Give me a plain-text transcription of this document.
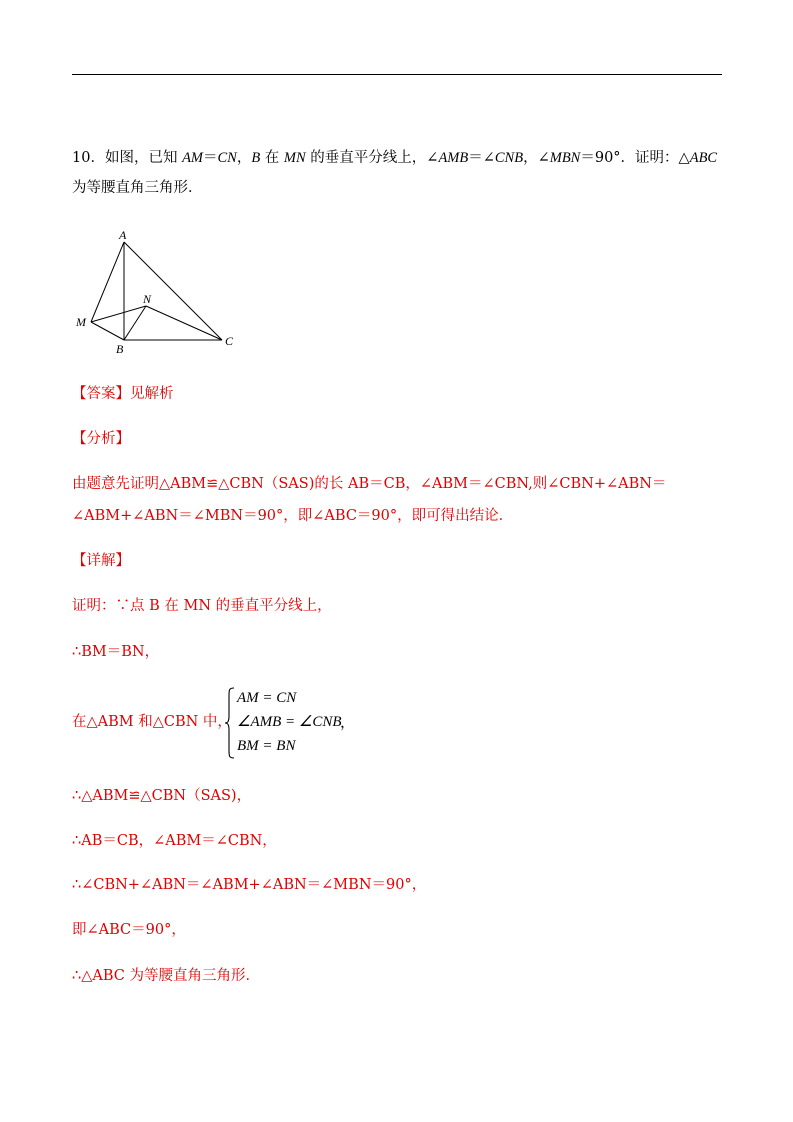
10．如图，已知 AM＝CN，B 在 MN 的垂直平分线上，∠AMB＝∠CNB，∠MBN＝90°．证明：△ABC 为等腰直角三角形．
A
N
M
B
C
【答案】见解析
【分析】
由题意先证明△ABM≌△CBN（SAS)的长 AB＝CB，∠ABM＝∠CBN,则∠CBN+∠ABN＝∠ABM+∠ABN＝∠MBN＝90°，即∠ABC＝90°，即可得出结论．
【详解】
证明：∵点 B 在 MN 的垂直平分线上，
∴BM＝BN，
在△ABM 和△CBN 中，
AM = CN
∠AMB = ∠CNB
BM = BN
，
∴△ABM≌△CBN（SAS)，
∴AB＝CB，∠ABM＝∠CBN，
∴∠CBN+∠ABN＝∠ABM+∠ABN＝∠MBN＝90°，
即∠ABC＝90°，
∴△ABC 为等腰直角三角形．
